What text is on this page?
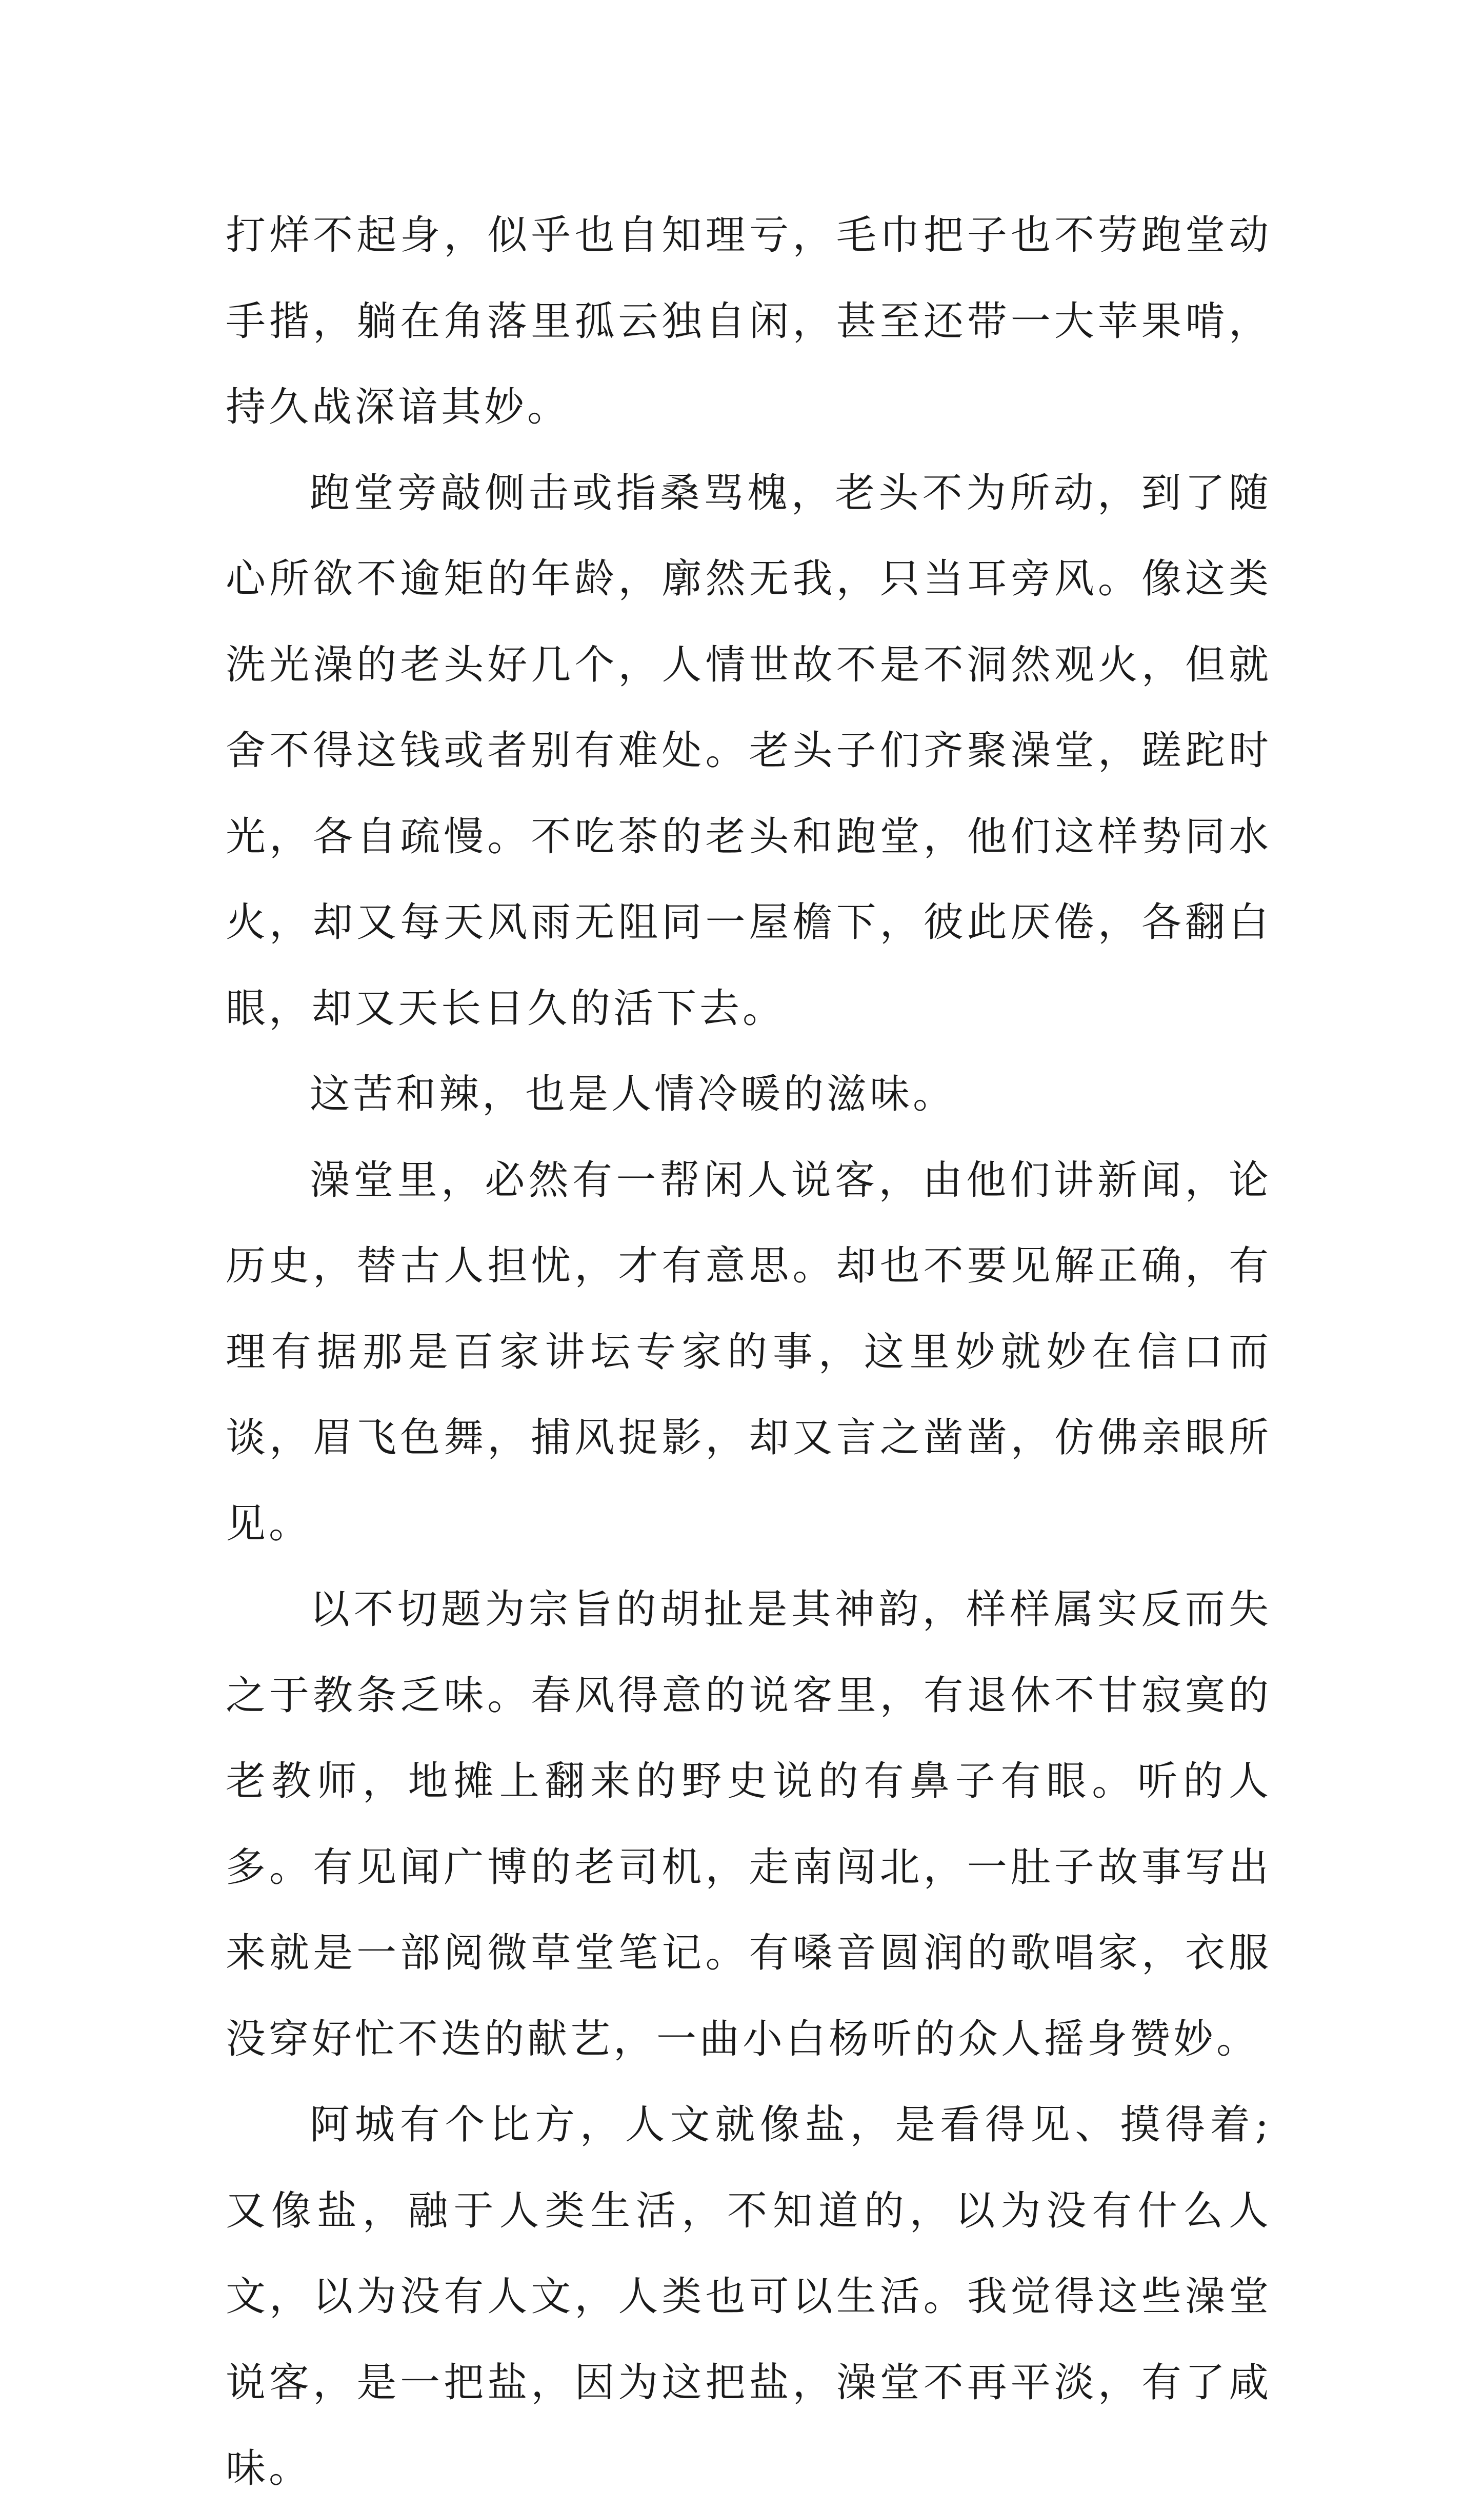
打烊不起身，似乎也自知理亏，毛巾把子也不劳跑堂动手揩，躺在角落里孤云独自闲，甚至还带一大苹果啃，持久战深谙其妙。

跑堂旁敲侧击或指桑骂槐，老头不为所动，到了随心所欲不逾矩的年龄，廓然无我，只当耳旁风。像这类洗光澡的老头好几个，人情世故不是不洞然观火，但就舍不得这钱或者别有难处。老头子们齐聚澡堂，蹉跎时光，各自疏慢。不吃茶的老头和跑堂，他们这样势同水火，却又每天风雨无阻同一屋檐下，彼此厌倦，各翻白眼，却又天长日久的活下去。

这苦和辣，也是人情冷暖的滋味。

澡堂里，必然有一帮闲人说客，由他们讲新闻，论历史，替古人担忧，才有意思。却也不要见解正确，有理有据那是百家讲坛专家的事，这里妙就妙在信口而谈，眉飞色舞，捕风捉影，却又言之凿凿，仿佛亲眼所见。

以不切题为宗旨的胡扯是其神韵，样样属实反而失之于教条乏味。春风得意的说客里，有退休不甘寂寞的老教师，地摊上翻来的野史说的有鼻子有眼。听的人多。有见闻广博的老司机，走南闯北，一肚子故事写出来就是一部阅微草堂笔记。有嗓音圆润的歌唱家，衣服没穿好忙不迭的献艺，一曲小白杨听的众人摇身赞妙。

阿城有个比方，人文就像盐，是看得见、摸得着;又像盐，融于人类生活，不知道的，以为没有什么人文，以为没有人文，人类也可以生活。我觉得这些澡堂说客，是一把盐，因为这把盐，澡堂不再平淡，有了咸味。
